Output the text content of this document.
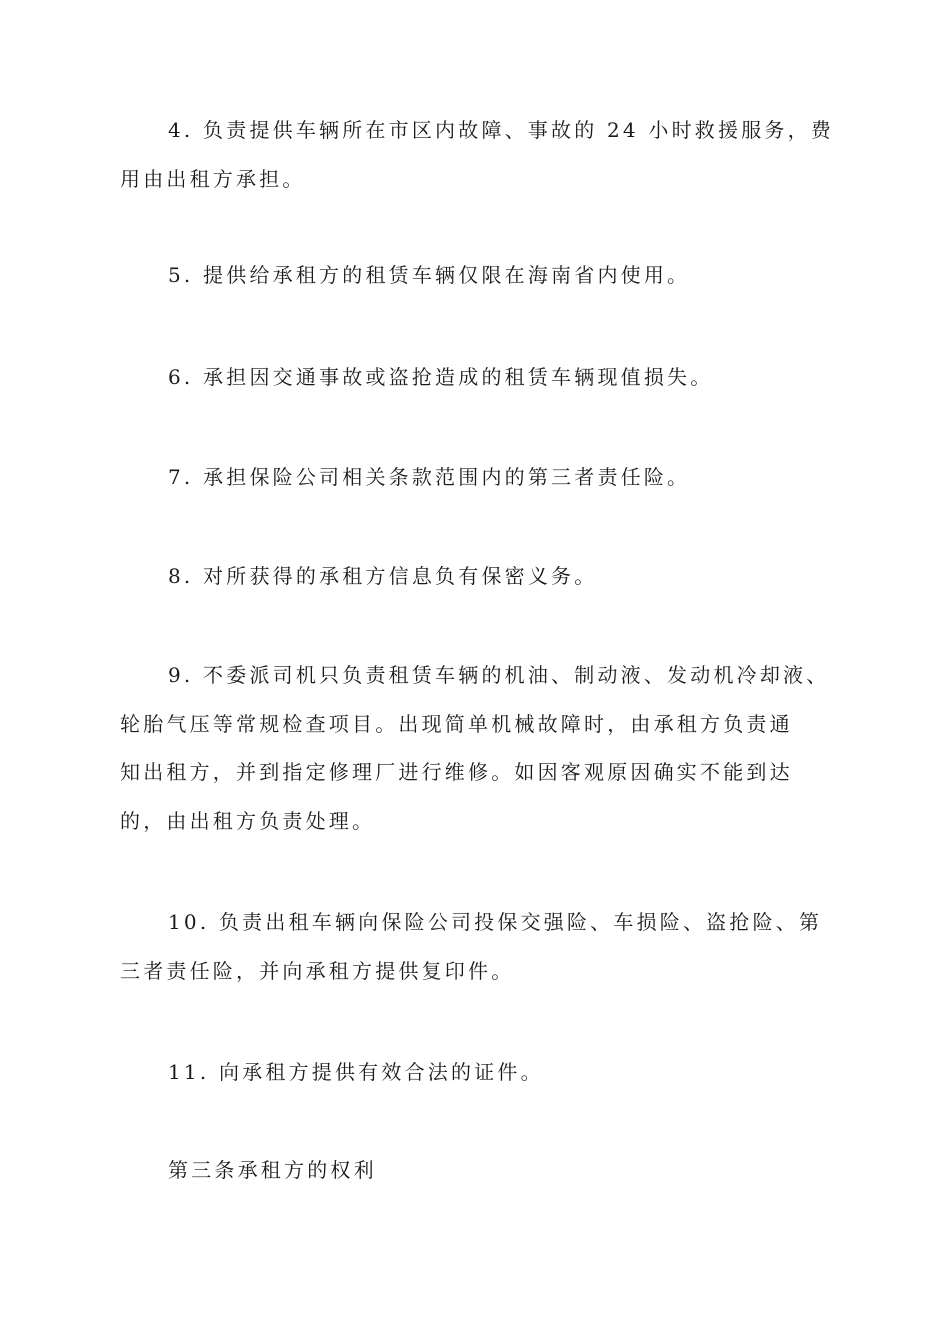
4. 负责提供车辆所在市区内故障、事故的 24 小时救援服务，费
用由出租方承担。

5. 提供给承租方的租赁车辆仅限在海南省内使用。

6. 承担因交通事故或盗抢造成的租赁车辆现值损失。

7. 承担保险公司相关条款范围内的第三者责任险。

8. 对所获得的承租方信息负有保密义务。

9. 不委派司机只负责租赁车辆的机油、制动液、发动机冷却液、
轮胎气压等常规检查项目。出现简单机械故障时，由承租方负责通
知出租方，并到指定修理厂进行维修。如因客观原因确实不能到达
的，由出租方负责处理。

10. 负责出租车辆向保险公司投保交强险、车损险、盗抢险、第
三者责任险，并向承租方提供复印件。

11. 向承租方提供有效合法的证件。

第三条承租方的权利
